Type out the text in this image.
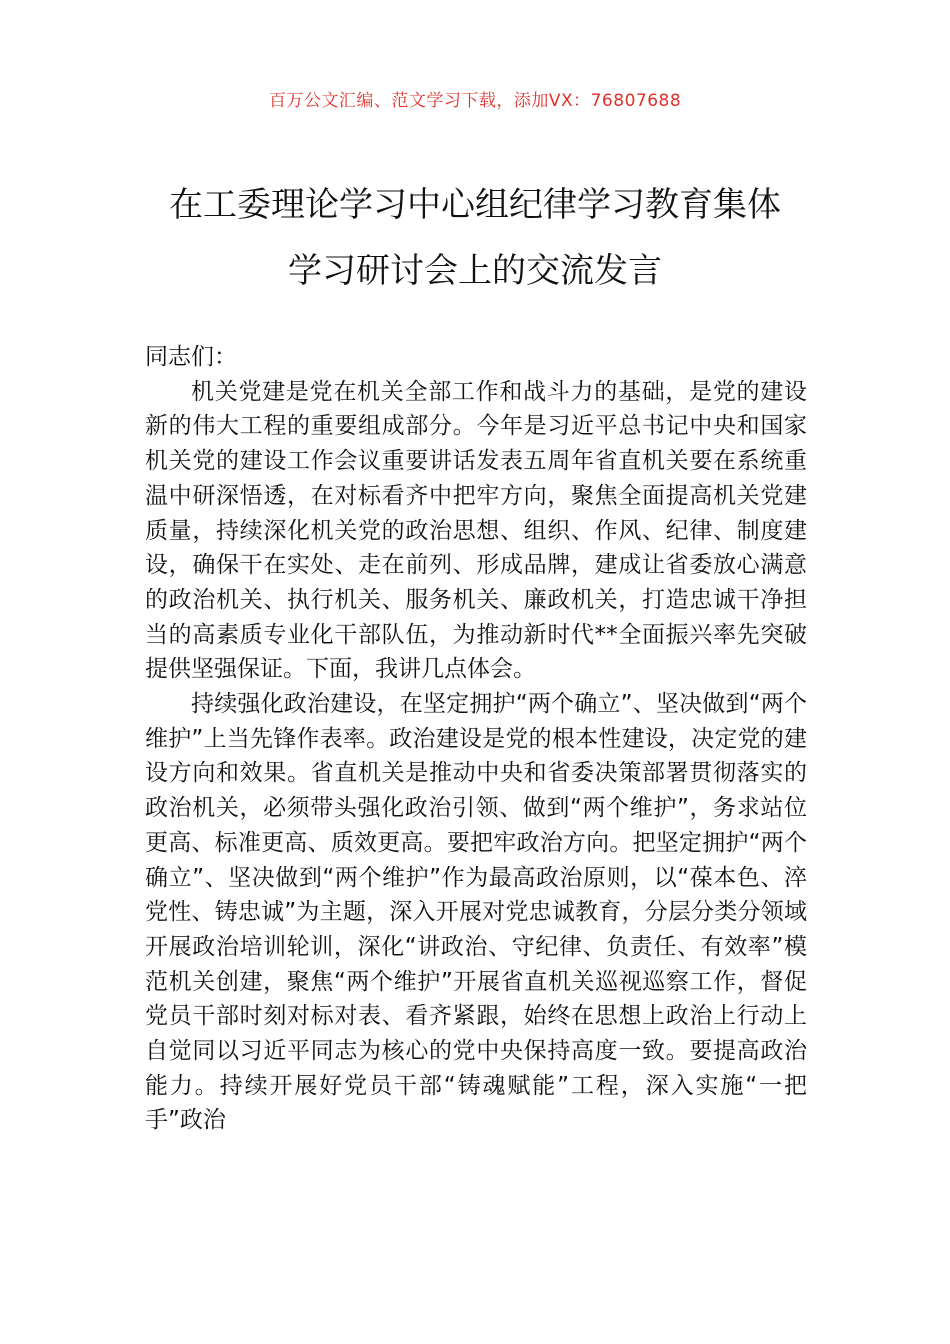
百万公文汇编、范文学习下载，添加VX：76807688
在工委理论学习中心组纪律学习教育集体
学习研讨会上的交流发言

同志们：

机关党建是党在机关全部工作和战斗力的基础，是党的建设新的伟大工程的重要组成部分。今年是习近平总书记中央和国家机关党的建设工作会议重要讲话发表五周年省直机关要在系统重温中研深悟透，在对标看齐中把牢方向，聚焦全面提高机关党建质量，持续深化机关党的政治思想、组织、作风、纪律、制度建设，确保干在实处、走在前列、形成品牌，建成让省委放心满意的政治机关、执行机关、服务机关、廉政机关，打造忠诚干净担当的高素质专业化干部队伍，为推动新时代**全面振兴率先突破提供坚强保证。下面，我讲几点体会。

持续强化政治建设，在坚定拥护“两个确立”、坚决做到“两个维护”上当先锋作表率。政治建设是党的根本性建设，决定党的建设方向和效果。省直机关是推动中央和省委决策部署贯彻落实的政治机关，必须带头强化政治引领、做到“两个维护”，务求站位更高、标准更高、质效更高。要把牢政治方向。把坚定拥护“两个确立”、坚决做到“两个维护”作为最高政治原则，以“葆本色、淬党性、铸忠诚”为主题，深入开展对党忠诚教育，分层分类分领域开展政治培训轮训，深化“讲政治、守纪律、负责任、有效率”模范机关创建，聚焦“两个维护”开展省直机关巡视巡察工作，督促党员干部时刻对标对表、看齐紧跟，始终在思想上政治上行动上自觉同以习近平同志为核心的党中央保持高度一致。要提高政治能力。持续开展好党员干部“铸魂赋能”工程，深入实施“一把手”政治
